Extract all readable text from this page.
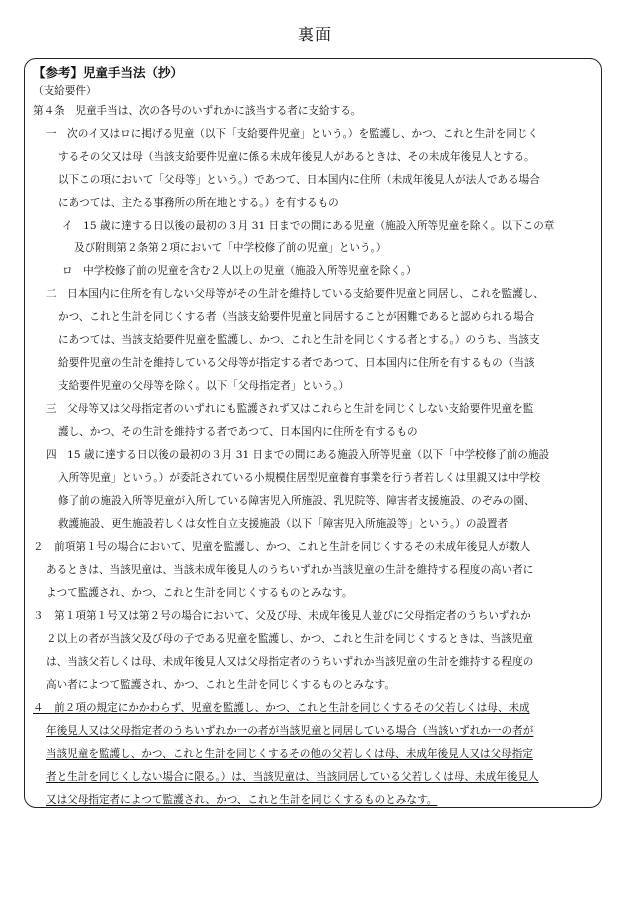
裏面
【参考】児童手当法（抄）
（支給要件）
第４条　児童手当は、次の各号のいずれかに該当する者に支給する。
一　次のイ又はロに掲げる児童（以下「支給要件児童」という。）を監護し、かつ、これと生計を同じく
するその父又は母（当該支給要件児童に係る未成年後見人があるときは、その未成年後見人とする。
以下この項において「父母等」という。）であつて、日本国内に住所（未成年後見人が法人である場合
にあつては、主たる事務所の所在地とする。）を有するもの
イ　15 歳に達する日以後の最初の３月 31 日までの間にある児童（施設入所等児童を除く。以下この章
及び附則第２条第２項において「中学校修了前の児童」という。）
ロ　中学校修了前の児童を含む２人以上の児童（施設入所等児童を除く。）
二　日本国内に住所を有しない父母等がその生計を維持している支給要件児童と同居し、これを監護し、
かつ、これと生計を同じくする者（当該支給要件児童と同居することが困難であると認められる場合
にあつては、当該支給要件児童を監護し、かつ、これと生計を同じくする者とする。）のうち、当該支
給要件児童の生計を維持している父母等が指定する者であつて、日本国内に住所を有するもの（当該
支給要件児童の父母等を除く。以下「父母指定者」という。）
三　父母等又は父母指定者のいずれにも監護されず又はこれらと生計を同じくしない支給要件児童を監
護し、かつ、その生計を維持する者であつて、日本国内に住所を有するもの
四　15 歳に達する日以後の最初の３月 31 日までの間にある施設入所等児童（以下「中学校修了前の施設
入所等児童」という。）が委託されている小規模住居型児童養育事業を行う者若しくは里親又は中学校
修了前の施設入所等児童が入所している障害児入所施設、乳児院等、障害者支援施設、のぞみの園、
救護施設、更生施設若しくは女性自立支援施設（以下「障害児入所施設等」という。）の設置者
２　前項第１号の場合において、児童を監護し、かつ、これと生計を同じくするその未成年後見人が数人
あるときは、当該児童は、当該未成年後見人のうちいずれか当該児童の生計を維持する程度の高い者に
よつて監護され、かつ、これと生計を同じくするものとみなす。
３　第１項第１号又は第２号の場合において、父及び母、未成年後見人並びに父母指定者のうちいずれか
２以上の者が当該父及び母の子である児童を監護し、かつ、これと生計を同じくするときは、当該児童
は、当該父若しくは母、未成年後見人又は父母指定者のうちいずれか当該児童の生計を維持する程度の
高い者によつて監護され、かつ、これと生計を同じくするものとみなす。
４　前２項の規定にかかわらず、児童を監護し、かつ、これと生計を同じくするその父若しくは母、未成
年後見人又は父母指定者のうちいずれか一の者が当該児童と同居している場合（当該いずれか一の者が
当該児童を監護し、かつ、これと生計を同じくするその他の父若しくは母、未成年後見人又は父母指定
者と生計を同じくしない場合に限る。）は、当該児童は、当該同居している父若しくは母、未成年後見人
又は父母指定者によつて監護され、かつ、これと生計を同じくするものとみなす。
